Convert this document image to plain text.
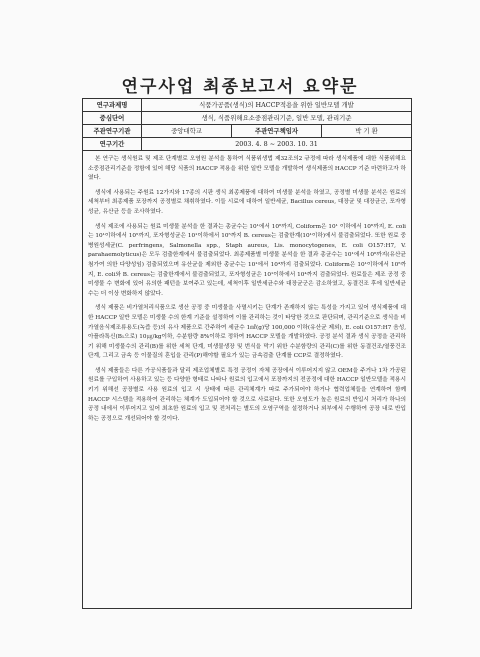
연구사업 최종보고서 요약문
연구과제명	식품가공품(생식)의 HACCP적용을 위한 일반모델 개발		
중심단어	생식, 식품위해요소중점관리기준, 일반 모델, 관리기준		
주관연구기관	중앙대학교	주관연구책임자	박 기 환
연구기간	2003. 4. 8 ~ 2003. 10. 31		

본 연구는 생식원료 및 제조 단계별로 오염원 분석을 통하여 식품위생법 제32조의2 규정에 따라 생식제품에 대한 식품위해요소중점관리기준을 정함에 있어 해당 식품의 HACCP 적용을 위한 일반 모델을 개발하여 생식제품의 HACCP 기준 마련하고자 하였다.

생식에 사용되는 주원료 12가지와 17종의 시판 생식 최종제품에 대하여 미생물 분석을 하였고, 공정별 미생물 분석은 원료의 세척부터 최종제품 포장까지 공정별로 채취하였다. 이들 시료에 대하여 일반세균, Bacillus cereus, 대장균 및 대장균군, 포자형성균, 유산균 등을 조사하였다.

생식 제조에 사용되는 원료 미생물 분석을 한 결과는 총균수는 10¹에서 10⁶까지, Coliform은 10¹ 이하에서 10⁶까지, E. coli는 10¹이하에서 10⁵까지, 포자형성균은 10¹이하에서 10⁵까지 B. cereus는 검출한계(10¹이하)에서 불검출되었다. 또한 원료 중 병원성세균(C. perfringens, Salmonella spp., Staph aureus, Lis. monocytogenes, E. coli O157:H7, V. parahaemolyticus)은 모두 검출한계에서 불검출되었다. 최종제품별 미생물 분석을 한 결과 총균수는 10¹에서 10⁶까지(유산균 첨가여 의한 다양성임) 검출되었으며 유산균을 제외한 총균수는 10¹에서 10⁴까지 검출되었다. Coliform은 10¹이하에서 10⁵까지, E. coli와 B. cereus는 검출한계에서 불검출되었고, 포자형성균은 10¹이하에서 10⁴까지 검출되었다. 원료들은 제조 공정 중 미생물 수 변화에 있어 유의한 패턴을 보여주고 있는데, 세척이후 일반세균수와 대장균군은 감소하였고, 동결건조 후에 일반세균수는 더 이상 변화하지 않았다.

생식 제품은 비가열처리식품으로 생산 공정 중 미생물을 사멸시키는 단계가 존재하지 않는 특성을 가지고 있어 생식제품에 대한 HACCP 일반 모델은 미생물 수의 한계 기준을 설정하여 이를 관리하는 것이 타당한 것으로 판단되며, 관리기준으로 생식을 비가열음식제조류용도(녹즙 등)의 유사 제품으로 간주하여 세균수 1㎖(g)당 100,000 이하(유산균 제외), E. coli O157:H7 음성, 아플라톡신(B₁으로) 10㎍/kg이하, 수분함량 8%이하로 정하여 HACCP 모델을 개발하였다. 공정 분석 결과 생식 공정을 관리하기 위해 미생물수의 관리(B)를 위한 세척 단계, 미생물생장 및 번식을 막기 위한 수분함량의 관리(C)를 위한 동결건조/열풍건조 단계, 그리고 금속 등 이물질의 혼입을 관리(P)해야할 필요가 있는 금속검출 단계를 CCP로 결정하였다.

생식 제품들은 다른 가공식품들과 달리 제조업체별로 특정 공정이 자체 공장에서 이루어지지 않고 OEM을 주거나 1차 가공된 원료를 구입하여 사용하고 있는 등 다양한 형태로 나타나 원료의 입고에서 포장까지의 전공정에 대한 HACCP 일반모델을 적용시키기 위해선 공장별로 사용 원료의 입고 시 상태에 따른 관리체계가 따로 주가되어야 하거나 협력업체들을 연계하여 함께 HACCP 시스템을 적용하여 관리하는 체계가 도입되어야 할 것으로 사료된다. 또한 오염도가 높은 원료의 반입시 처리가 하나의 공정 내에서 이루어지고 있어 최초한 원료의 입고 및 전처리는 별도의 오염구역을 설정하거나 외부에서 수행하여 공장 내로 반입하는 공정으로 개선되어야 할 것이다.
